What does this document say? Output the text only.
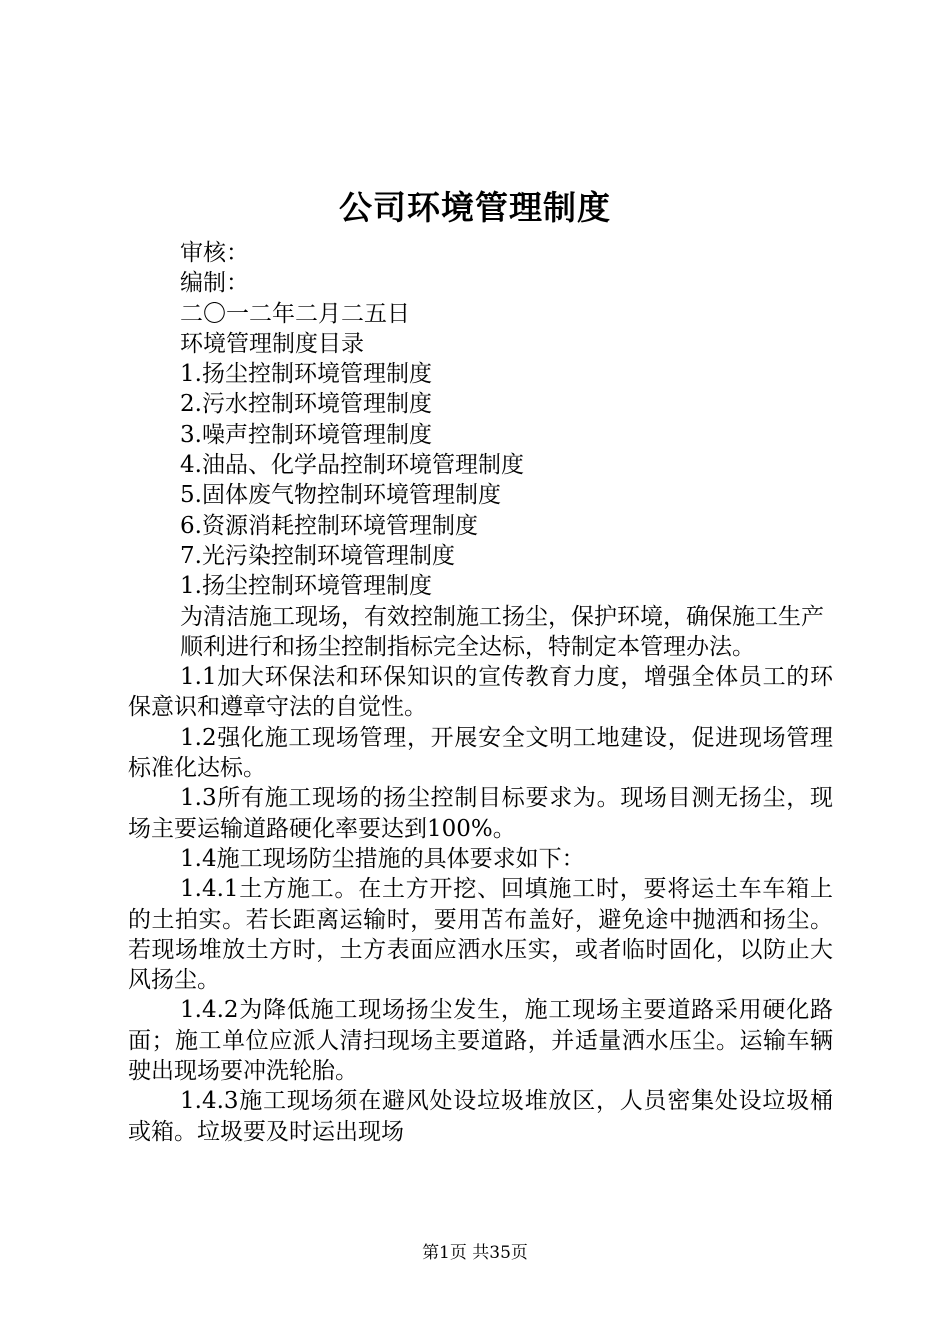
公司环境管理制度

审核：

编制：

二〇一二年二月二五日

环境管理制度目录

1.扬尘控制环境管理制度

2.污水控制环境管理制度

3.噪声控制环境管理制度

4.油品、化学品控制环境管理制度

5.固体废气物控制环境管理制度

6.资源消耗控制环境管理制度

7.光污染控制环境管理制度

1.扬尘控制环境管理制度

为清洁施工现场，有效控制施工扬尘，保护环境，确保施工生产

顺利进行和扬尘控制指标完全达标，特制定本管理办法。

1.1加大环保法和环保知识的宣传教育力度，增强全体员工的环保意识和遵章守法的自觉性。

1.2强化施工现场管理，开展安全文明工地建设，促进现场管理标准化达标。

1.3所有施工现场的扬尘控制目标要求为。现场目测无扬尘，现场主要运输道路硬化率要达到100%。

1.4施工现场防尘措施的具体要求如下：

1.4.1土方施工。在土方开挖、回填施工时，要将运土车车箱上的土拍实。若长距离运输时，要用苫布盖好，避免途中抛洒和扬尘。若现场堆放土方时，土方表面应洒水压实，或者临时固化，以防止大风扬尘。

1.4.2为降低施工现场扬尘发生，施工现场主要道路采用硬化路面；施工单位应派人清扫现场主要道路，并适量洒水压尘。运输车辆驶出现场要冲洗轮胎。

1.4.3施工现场须在避风处设垃圾堆放区，人员密集处设垃圾桶或箱。垃圾要及时运出现场

第1页 共35页
